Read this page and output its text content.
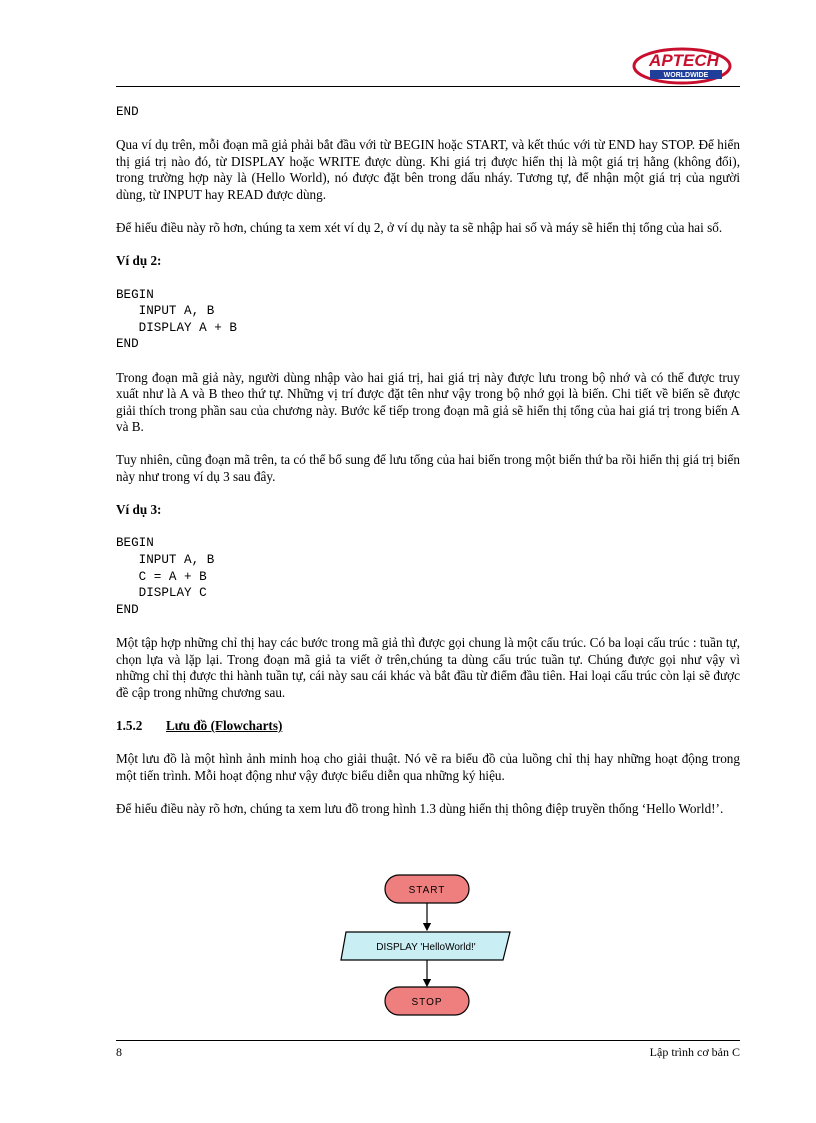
APTECH
WORLDWIDE
END

Qua ví dụ trên, mỗi đoạn mã giả phải bắt đầu với từ BEGIN hoặc START, và kết thúc với từ END hay STOP. Để hiển thị giá trị nào đó, từ DISPLAY hoặc WRITE được dùng. Khi giá trị được hiển thị là một giá trị hằng (không đổi), trong trường hợp này là (Hello World), nó được đặt bên trong dấu nháy. Tương tự, để nhận một giá trị của người dùng, từ INPUT hay READ được dùng.

Để hiểu điều này rõ hơn, chúng ta xem xét ví dụ 2, ở ví dụ này ta sẽ nhập hai số và máy sẽ hiển thị tổng của hai số.

Ví dụ 2:

BEGIN
INPUT A, B
DISPLAY A + B
END

Trong đoạn mã giả này, người dùng nhập vào hai giá trị, hai giá trị này được lưu trong bộ nhớ và có thể được truy xuất như là A và B theo thứ tự. Những vị trí được đặt tên như vậy trong bộ nhớ gọi là biến. Chi tiết về biến sẽ được giải thích trong phần sau của chương này. Bước kế tiếp trong đoạn mã giả sẽ hiển thị tổng của hai giá trị trong biến A và B.

Tuy nhiên, cũng đoạn mã trên, ta có thể bổ sung để lưu tổng của hai biến trong một biến thứ ba rồi hiển thị giá trị biến này như trong ví dụ 3 sau đây.

Ví dụ 3:

BEGIN
INPUT A, B
C = A + B
DISPLAY C
END

Một tập hợp những chỉ thị hay các bước trong mã giả thì được gọi chung là một cấu trúc. Có ba loại cấu trúc : tuần tự, chọn lựa và lặp lại. Trong đoạn mã giả ta viết ở trên,chúng ta dùng cấu trúc tuần tự. Chúng được gọi như vậy vì những chỉ thị được thi hành tuần tự, cái này sau cái khác và bắt đầu từ điểm đầu tiên. Hai loại cấu trúc còn lại sẽ được đề cập trong những chương sau.

1.5.2 Lưu đồ (Flowcharts)

Một lưu đồ là một hình ảnh minh hoạ cho giải thuật. Nó vẽ ra biểu đồ của luồng chỉ thị hay những hoạt động trong một tiến trình. Mỗi hoạt động như vậy được biểu diễn qua những ký hiệu.

Để hiểu điều này rõ hơn, chúng ta xem lưu đồ trong hình 1.3 dùng hiển thị thông điệp truyền thống ‘Hello World!’.

START
DISPLAY 'HelloWorld!'
STOP
8	Lập trình cơ bản C
